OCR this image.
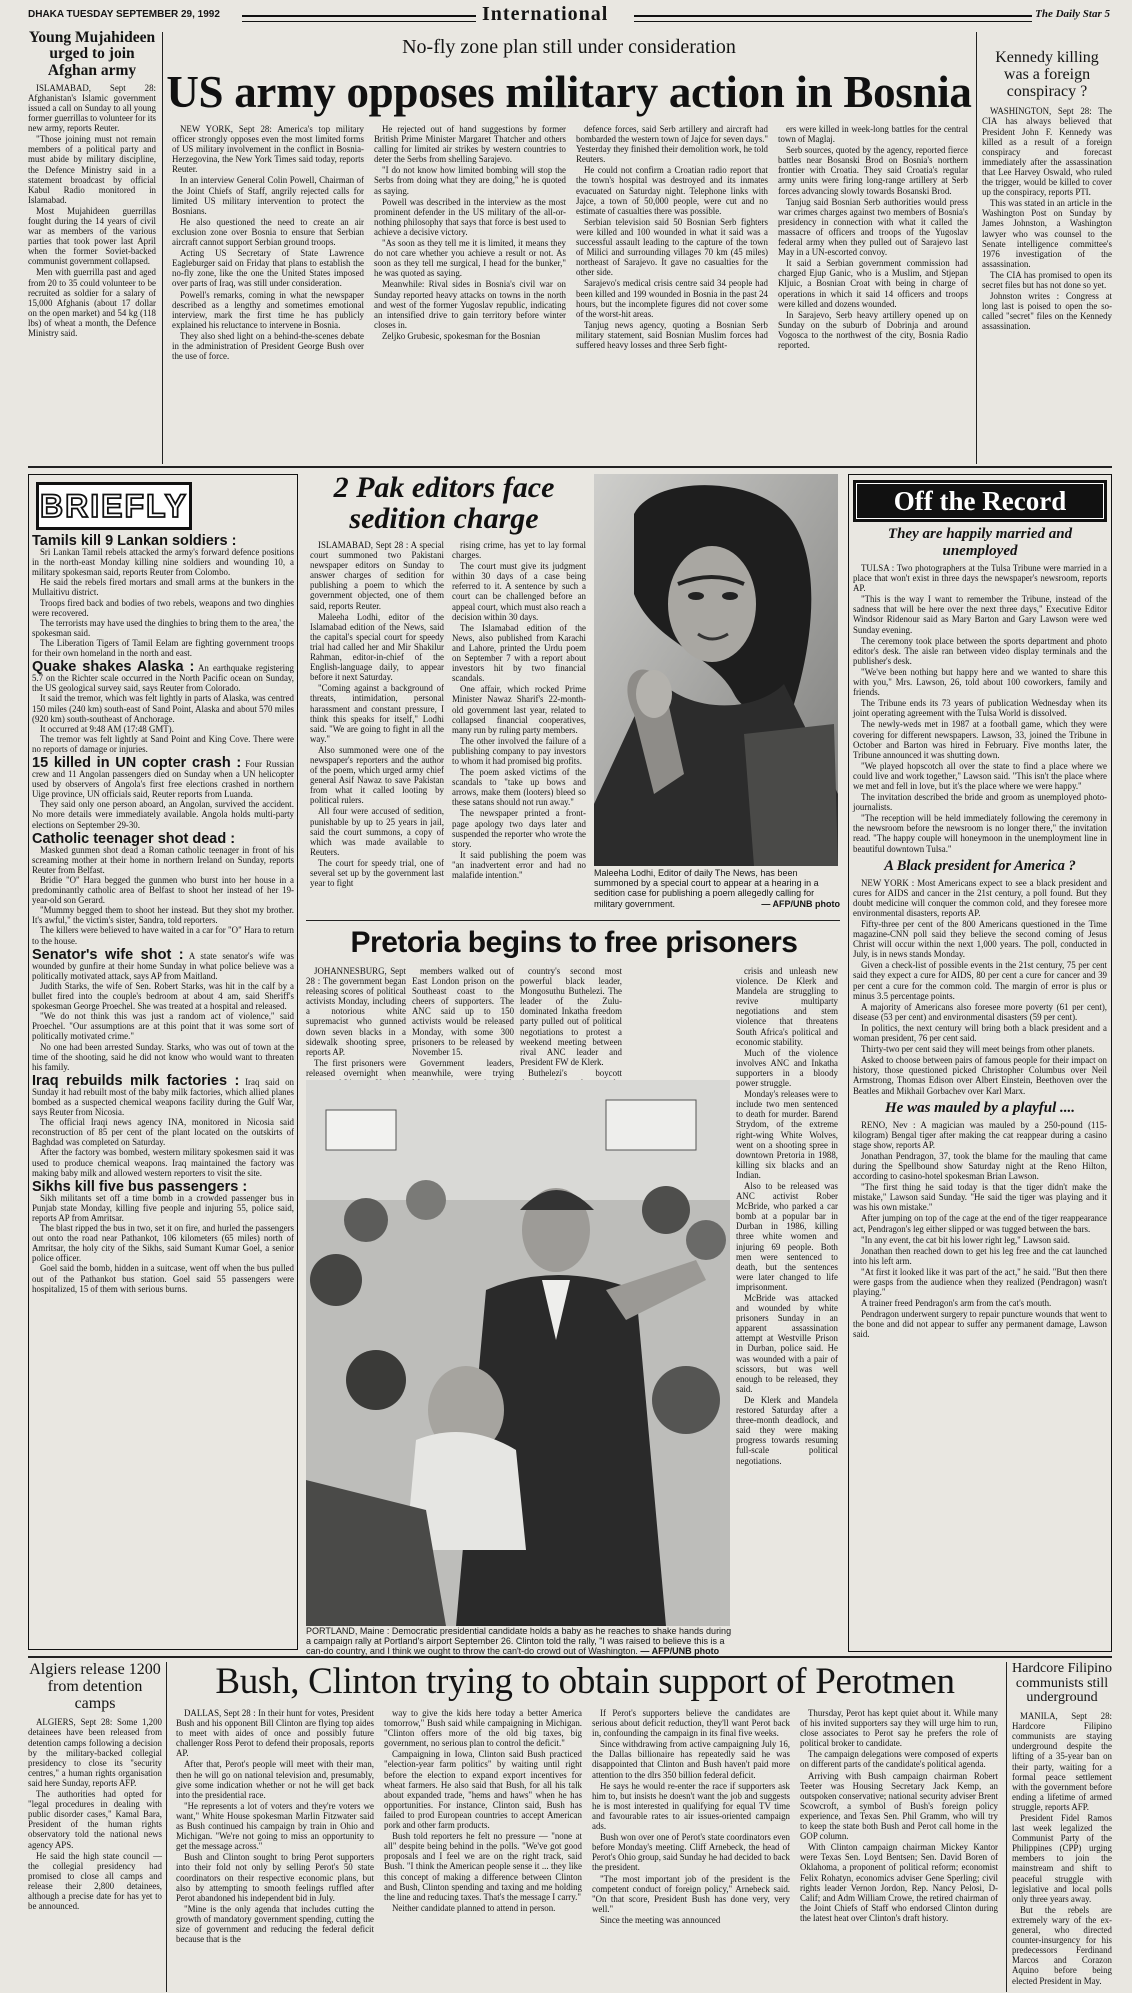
DHAKA TUESDAY SEPTEMBER 29, 1992	International	The Daily Star 5
Young Mujahideen urged to join Afghan army

ISLAMABAD, Sept 28: Afghanistan's Islamic government issued a call on Sunday to all young former guerrillas to volunteer for its new army, reports Reuter.

"Those joining must not remain members of a political party and must abide by military discipline, the Defence Ministry said in a statement broadcast by official Kabul Radio monitored in Islamabad.

Most Mujahideen guerrillas fought during the 14 years of civil war as members of the various parties that took power last April when the former Soviet-backed communist government collapsed.

Men with guerrilla past and aged from 20 to 35 could volunteer to be recruited as soldier for a salary of 15,000 Afghanis (about 17 dollar on the open market) and 54 kg (118 lbs) of wheat a month, the Defence Ministry said.

No-fly zone plan still under consideration
US army opposes military action in Bosnia

NEW YORK, Sept 28: America's top military officer strongly opposes even the most limited forms of US military involvement in the conflict in Bosnia-Herzegovina, the New York Times said today, reports Reuter.

In an interview General Colin Powell, Chairman of the Joint Chiefs of Staff, angrily rejected calls for limited US military intervention to protect the Bosnians.

He also questioned the need to create an air exclusion zone over Bosnia to ensure that Serbian aircraft cannot support Serbian ground troops.

Acting US Secretary of State Lawrence Eagleburger said on Friday that plans to establish the no-fly zone, like the one the United States imposed over parts of Iraq, was still under consideration.

Powell's remarks, coming in what the newspaper described as a lengthy and sometimes emotional interview, mark the first time he has publicly explained his reluctance to intervene in Bosnia.

They also shed light on a behind-the-scenes debate in the administration of President George Bush over the use of force.

He rejected out of hand suggestions by former British Prime Minister Margaret Thatcher and others calling for limited air strikes by western countries to deter the Serbs from shelling Sarajevo.

"I do not know how limited bombing will stop the Serbs from doing what they are doing," he is quoted as saying.

Powell was described in the interview as the most prominent defender in the US military of the all-or-nothing philosophy that says that force is best used to achieve a decisive victory.

"As soon as they tell me it is limited, it means they do not care whether you achieve a result or not. As soon as they tell me surgical, I head for the bunker," he was quoted as saying.

Meanwhile: Rival sides in Bosnia's civil war on Sunday reported heavy attacks on towns in the north and west of the former Yugoslav republic, indicating an intensified drive to gain territory before winter closes in.

Zeljko Grubesic, spokesman for the Bosnian

defence forces, said Serb artillery and aircraft had bombarded the western town of Jajce for seven days." Yesterday they finished their demolition work, he told Reuters.

He could not confirm a Croatian radio report that the town's hospital was destroyed and its inmates evacuated on Saturday night. Telephone links with Jajce, a town of 50,000 people, were cut and no estimate of casualties there was possible.

Serbian television said 50 Bosnian Serb fighters were killed and 100 wounded in what it said was a successful assault leading to the capture of the town of Milici and surrounding villages 70 km (45 miles) northeast of Sarajevo. It gave no casualties for the other side.

Sarajevo's medical crisis centre said 34 people had been killed and 199 wounded in Bosnia in the past 24 hours, but the incomplete figures did not cover some of the worst-hit areas.

Tanjug news agency, quoting a Bosnian Serb military statement, said Bosnian Muslim forces had suffered heavy losses and three Serb fight-

ers were killed in week-long battles for the central town of Maglaj.

Serb sources, quoted by the agency, reported fierce battles near Bosanski Brod on Bosnia's northern frontier with Croatia. They said Croatia's regular army units were firing long-range artillery at Serb forces advancing slowly towards Bosanski Brod.

Tanjug said Bosnian Serb authorities would press war crimes charges against two members of Bosnia's presidency in connection with what it called the massacre of officers and troops of the Yugoslav federal army when they pulled out of Sarajevo last May in a UN-escorted convoy.

It said a Serbian government commission had charged Ejup Ganic, who is a Muslim, and Stjepan Kljuic, a Bosnian Croat with being in charge of operations in which it said 14 officers and troops were killed and dozens wounded.

In Sarajevo, Serb heavy artillery opened up on Sunday on the suburb of Dobrinja and around Vogosca to the northwest of the city, Bosnia Radio reported.

Kennedy killing was a foreign conspiracy ?

WASHINGTON, Sept 28: The CIA has always believed that President John F. Kennedy was killed as a result of a foreign conspiracy and forecast immediately after the assassination that Lee Harvey Oswald, who ruled the trigger, would be killed to cover up the conspiracy, reports PTI.

This was stated in an article in the Washington Post on Sunday by James Johnston, a Washington lawyer who was counsel to the Senate intelligence committee's 1976 investigation of the assassination.

The CIA has promised to open its secret files but has not done so yet.

Johnston writes : Congress at long last is poised to open the so-called "secret" files on the Kennedy assassination.

BRIEFLY

Tamils kill 9 Lankan soldiers :

Sri Lankan Tamil rebels attacked the army's forward defence positions in the north-east Monday killing nine soldiers and wounding 10, a military spokesman said, reports Reuter from Colombo.

He said the rebels fired mortars and small arms at the bunkers in the Mullaitivu district.

Troops fired back and bodies of two rebels, weapons and two dinghies were recovered.

The terrorists may have used the dinghies to bring them to the area,' the spokesman said.

The Liberation Tigers of Tamil Eelam are fighting government troops for their own homeland in the north and east.

Quake shakes Alaska : An earthquake registering 5.7 on the Richter scale occurred in the North Pacific ocean on Sunday, the US geological survey said, says Reuter from Colorado.

It said the tremor, which was felt lightly in parts of Alaska, was centred 150 miles (240 km) south-east of Sand Point, Alaska and about 570 miles (920 km) south-southeast of Anchorage.

It occurred at 9:48 AM (17:48 GMT).

The tremor was felt lightly at Sand Point and King Cove. There were no reports of damage or injuries.

15 killed in UN copter crash : Four Russian crew and 11 Angolan passengers died on Sunday when a UN helicopter used by observers of Angola's first free elections crashed in northern Uige province, UN officials said, Reuter reports from Luanda.

They said only one person aboard, an Angolan, survived the accident. No more details were immediately available. Angola holds multi-party elections on September 29-30.

Catholic teenager shot dead :

Masked gunmen shot dead a Roman catholic teenager in front of his screaming mother at their home in northern Ireland on Sunday, reports Reuter from Belfast.

Bridie "O" Hara begged the gunmen who burst into her house in a predominantly catholic area of Belfast to shoot her instead of her 19-year-old son Gerard.

"Mummy begged them to shoot her instead. But they shot my brother. It's awful," the victim's sister, Sandra, told reporters.

The killers were believed to have waited in a car for "O" Hara to return to the house.

Senator's wife shot : A state senator's wife was wounded by gunfire at their home Sunday in what police believe was a politically motivated attack, says AP from Maitland.

Judith Starks, the wife of Sen. Robert Starks, was hit in the calf by a bullet fired into the couple's bedroom at about 4 am, said Sheriff's spokesman George Proechel. She was treated at a hospital and released.

"We do not think this was just a random act of violence," said Proechel. "Our assumptions are at this point that it was some sort of politically motivated crime."

No one had been arrested Sunday. Starks, who was out of town at the time of the shooting, said he did not know who would want to threaten his family.

Iraq rebuilds milk factories : Iraq said on Sunday it had rebuilt most of the baby milk factories, which allied planes bombed as a suspected chemical weapons facility during the Gulf War, says Reuter from Nicosia.

The official Iraqi news agency INA, monitored in Nicosia said reconstruction of 85 per cent of the plant located on the outskirts of Baghdad was completed on Saturday.

After the factory was bombed, western military spokesmen said it was used to produce chemical weapons. Iraq maintained the factory was making baby milk and allowed western reporters to visit the site.

Sikhs kill five bus passengers :

Sikh militants set off a time bomb in a crowded passenger bus in Punjab state Monday, killing five people and injuring 55, police said, reports AP from Amritsar.

The blast ripped the bus in two, set it on fire, and hurled the passengers out onto the road near Pathankot, 106 kilometers (65 miles) north of Amritsar, the holy city of the Sikhs, said Sumant Kumar Goel, a senior police officer.

Goel said the bomb, hidden in a suitcase, went off when the bus pulled out of the Pathankot bus station. Goel said 55 passengers were hospitalized, 15 of them with serious burns.

2 Pak editors face sedition charge

ISLAMABAD, Sept 28 : A special court summoned two Pakistani newspaper editors on Sunday to answer charges of sedition for publishing a poem to which the government objected, one of them said, reports Reuter.

Maleeha Lodhi, editor of the Islamabad edition of the News, said the capital's special court for speedy trial had called her and Mir Shakilur Rahman, editor-in-chief of the English-language daily, to appear before it next Saturday.

"Coming against a background of threats, intimidation, personal harassment and constant pressure, I think this speaks for itself," Lodhi said. "We are going to fight in all the way."

Also summoned were one of the newspaper's reporters and the author of the poem, which urged army chief general Asif Nawaz to save Pakistan from what it called looting by political rulers.

All four were accused of sedition, punishable by up to 25 years in jail, said the court summons, a copy of which was made available to Reuters.

The court for speedy trial, one of several set up by the government last year to fight

rising crime, has yet to lay formal charges.

The court must give its judgment within 30 days of a case being referred to it. A sentence by such a court can be challenged before an appeal court, which must also reach a decision within 30 days.

The Islamabad edition of the News, also published from Karachi and Lahore, printed the Urdu poem on September 7 with a report about investors hit by two financial scandals.

One affair, which rocked Prime Minister Nawaz Sharif's 22-month-old government last year, related to collapsed financial cooperatives, many run by ruling party members.

The other involved the failure of a publishing company to pay investors to whom it had promised big profits.

The poem asked victims of the scandals to "take up bows and arrows, make them (looters) bleed so these satans should not run away."

The newspaper printed a front-page apology two days later and suspended the reporter who wrote the story.

It said publishing the poem was "an inadvertent error and had no malafide intention."	Maleeha Lodhi, Editor of daily The News, has been summoned by a special court to appear at a hearing in a sedition case for publishing a poem allegedly calling for military government.	— AFP/UNB photo
Pretoria begins to free prisoners

JOHANNESBURG, Sept 28 : The government began releasing scores of political activists Monday, including a notorious white supremacist who gunned down seven blacks in a sidewalk shooting spree, reports AP.

The first prisoners were released overnight when

members walked out of East London prison on the Southeast coast to the cheers of supporters. The ANC said up to 150 activists would be released Monday, with some 300 prisoners to be released by November 15.

Government leaders, meanwhile, were trying

country's second most powerful black leader, Mongosuthu Buthelezi. The leader of the Zulu-dominated Inkatha freedom party pulled out of political negotiations to protest a weekend meeting between rival ANC leader and President FW de Klerk.

Buthelezi's boycott

crisis and unleash new violence. De Klerk and Mandela are struggling to revive multiparty negotiations and stem violence that threatens South Africa's political and economic stability.

Much of the violence involves ANC and Inkatha supporters in a bloody power struggle.

Monday's releases were to include two men sentenced to death for murder. Barend Strydom, of the extreme right-wing White Wolves, went on a shooting spree in downtown Pretoria in 1988, killing six blacks and an Indian.

Also to be released was ANC activist Rober McBride, who parked a car bomb at a popular bar in Durban in 1986, killing three white women and injuring 69 people. Both men were sentenced to death, but the sentences were later changed to life imprisonment.

McBride was attacked and wounded by white prisoners Sunday in an apparent assassination attempt at Westville Prison in Durban, police said. He was wounded with a pair of scissors, but was well enough to be released, they said.

De Klerk and Mandela restored Saturday after a three-month deadlock, and said they were making progress towards resuming full-scale political negotiations.

PORTLAND, Maine : Democratic presidential candidate holds a baby as he reaches to shake hands during a campaign rally at Portland's airport September 26. Clinton told the rally, "I was raised to believe this is a can-do country, and I think we ought to throw the can't-do crowd out of Washington. — AFP/UNB photo
Off the Record
They are happily married and unemployed

TULSA : Two photographers at the Tulsa Tribune were married in a place that won't exist in three days the newspaper's newsroom, reports AP.

"This is the way I want to remember the Tribune, instead of the sadness that will be here over the next three days," Executive Editor Windsor Ridenour said as Mary Barton and Gary Lawson were wed Sunday evening.

The ceremony took place between the sports department and photo editor's desk. The aisle ran between video display terminals and the publisher's desk.

"We've been nothing but happy here and we wanted to share this with you," Mrs. Lawson, 26, told about 100 coworkers, family and friends.

The Tribune ends its 73 years of publication Wednesday when its joint operating agreement with the Tulsa World is dissolved.

The newly-weds met in 1987 at a football game, which they were covering for different newspapers. Lawson, 33, joined the Tribune in October and Barton was hired in February. Five months later, the Tribune announced it was shutting down.

"We played hopscotch all over the state to find a place where we could live and work together," Lawson said. "This isn't the place where we met and fell in love, but it's the place where we were happy."

The invitation described the bride and groom as unemployed photo-journalists.

"The reception will be held immediately following the ceremony in the newsroom before the newsroom is no longer there," the invitation read. "The happy couple will honeymoon in the unemployment line in beautiful downtown Tulsa."

A Black president for America ?

NEW YORK : Most Americans expect to see a black president and cures for AIDS and cancer in the 21st century, a poll found. But they doubt medicine will conquer the common cold, and they foresee more environmental disasters, reports AP.

Fifty-three per cent of the 800 Americans questioned in the Time magazine-CNN poll said they believe the second coming of Jesus Christ will occur within the next 1,000 years. The poll, conducted in July, is in news stands Monday.

Given a check-list of possible events in the 21st century, 75 per cent said they expect a cure for AIDS, 80 per cent a cure for cancer and 39 per cent a cure for the common cold. The margin of error is plus or minus 3.5 percentage points.

A majority of Americans also foresee more poverty (61 per cent), disease (53 per cent) and environmental disasters (59 per cent).

In politics, the next century will bring both a black president and a woman president, 76 per cent said.

Thirty-two per cent said they will meet beings from other planets.

Asked to choose between pairs of famous people for their impact on history, those questioned picked Christopher Columbus over Neil Armstrong, Thomas Edison over Albert Einstein, Beethoven over the Beatles and Mikhail Gorbachev over Karl Marx.

He was mauled by a playful ....

RENO, Nev : A magician was mauled by a 250-pound (115-kilogram) Bengal tiger after making the cat reappear during a casino stage show, reports AP.

Jonathan Pendragon, 37, took the blame for the mauling that came during the Spellbound show Saturday night at the Reno Hilton, according to casino-hotel spokesman Brian Lawson.

"The first thing he said today is that the tiger didn't make the mistake," Lawson said Sunday. "He said the tiger was playing and it was his own mistake."

After jumping on top of the cage at the end of the tiger reappearance act, Pendragon's leg either slipped or was tugged between the bars.

"In any event, the cat bit his lower right leg," Lawson said.

Jonathan then reached down to get his leg free and the cat launched into his left arm.

"At first it looked like it was part of the act," he said. "But then there were gasps from the audience when they realized (Pendragon) wasn't playing."

A trainer freed Pendragon's arm from the cat's mouth.

Pendragon underwent surgery to repair puncture wounds that went to the bone and did not appear to suffer any permanent damage, Lawson said.

Algiers release 1200 from detention camps

ALGIERS, Sept 28: Some 1,200 detainees have been released from detention camps following a decision by the military-backed collegial presidency to close its "security centres," a human rights organisation said here Sunday, reports AFP.

The authorities had opted for "legal procedures in dealing with public disorder cases," Kamal Bara, President of the human rights observatory told the national news agency APS.

He said the high state council — the collegial presidency had promised to close all camps and release their 2,800 detainees, although a precise date for has yet to be announced.

Bush, Clinton trying to obtain support of Perotmen

DALLAS, Sept 28 : In their hunt for votes, President Bush and his opponent Bill Clinton are flying top aides to meet with aides of once and possibly future challenger Ross Perot to defend their proposals, reports AP.

After that, Perot's people will meet with their man, then he will go on national television and, presumably, give some indication whether or not he will get back into the presidential race.

"He represents a lot of voters and they're voters we want," White House spokesman Marlin Fitzwater said as Bush continued his campaign by train in Ohio and Michigan. "We're not going to miss an opportunity to get the message across."

Bush and Clinton sought to bring Perot supporters into their fold not only by selling Perot's 50 state coordinators on their respective economic plans, but also by attempting to smooth feelings ruffled after Perot abandoned his independent bid in July.

"Mine is the only agenda that includes cutting the growth of mandatory government spending, cutting the size of government and reducing the federal deficit because that is the

way to give the kids here today a better America tomorrow," Bush said while campaigning in Michigan. "Clinton offers more of the old big taxes, big government, no serious plan to control the deficit."

Campaigning in Iowa, Clinton said Bush practiced "election-year farm politics" by waiting until right before the election to expand export incentives for wheat farmers. He also said that Bush, for all his talk about expanded trade, "hems and haws" when he has opportunities. For instance, Clinton said, Bush has failed to prod European countries to accept American pork and other farm products.

Bush told reporters he felt no pressure — "none at all" despite being behind in the polls. "We've got good proposals and I feel we are on the right track, said Bush. "I think the American people sense it ... they like this concept of making a difference between Clinton and Bush, Clinton spending and taxing and me holding the line and reducing taxes. That's the message I carry."

Neither candidate planned to attend in person.

If Perot's supporters believe the candidates are serious about deficit reduction, they'll want Perot back in, confounding the campaign in its final five weeks.

Since withdrawing from active campaigning July 16, the Dallas billionaire has repeatedly said he was disappointed that Clinton and Bush haven't paid more attention to the dlrs 350 billion federal deficit.

He says he would re-enter the race if supporters ask him to, but insists he doesn't want the job and suggests he is most interested in qualifying for equal TV time and favourable rates to air issues-oriented campaign ads.

Bush won over one of Perot's state coordinators even before Monday's meeting. Cliff Arnebeck, the head of Perot's Ohio group, said Sunday he had decided to back the president.

"The most important job of the president is the competent conduct of foreign policy," Arnebeck said. "On that score, President Bush has done very, very well."

Since the meeting was announced

Thursday, Perot has kept quiet about it. While many of his invited supporters say they will urge him to run, close associates to Perot say he prefers the role of political broker to candidate.

The campaign delegations were composed of experts on different parts of the candidate's political agenda.

Arriving with Bush campaign chairman Robert Teeter was Housing Secretary Jack Kemp, an outspoken conservative; national security adviser Brent Scowcroft, a symbol of Bush's foreign policy experience, and Texas Sen. Phil Gramm, who will try to keep the state both Bush and Perot call home in the GOP column.

With Clinton campaign chairman Mickey Kantor were Texas Sen. Loyd Bentsen; Sen. David Boren of Oklahoma, a proponent of political reform; economist Felix Rohatyn, economics adviser Gene Sperling; civil rights leader Vernon Jordon, Rep. Nancy Pelosi, D-Calif; and Adm William Crowe, the retired chairman of the Joint Chiefs of Staff who endorsed Clinton during the latest heat over Clinton's draft history.

Hardcore Filipino communists still underground

MANILA, Sept 28: Hardcore Filipino communists are staying underground despite the lifting of a 35-year ban on their party, waiting for a formal peace settlement with the government before ending a lifetime of armed struggle, reports AFP.

President Fidel Ramos last week legalized the Communist Party of the Philippines (CPP) urging members to join the mainstream and shift to peaceful struggle with legislative and local polls only three years away.

But the rebels are extremely wary of the ex-general, who directed counter-insurgency for his predecessors Ferdinand Marcos and Corazon Aquino before being elected President in May.
